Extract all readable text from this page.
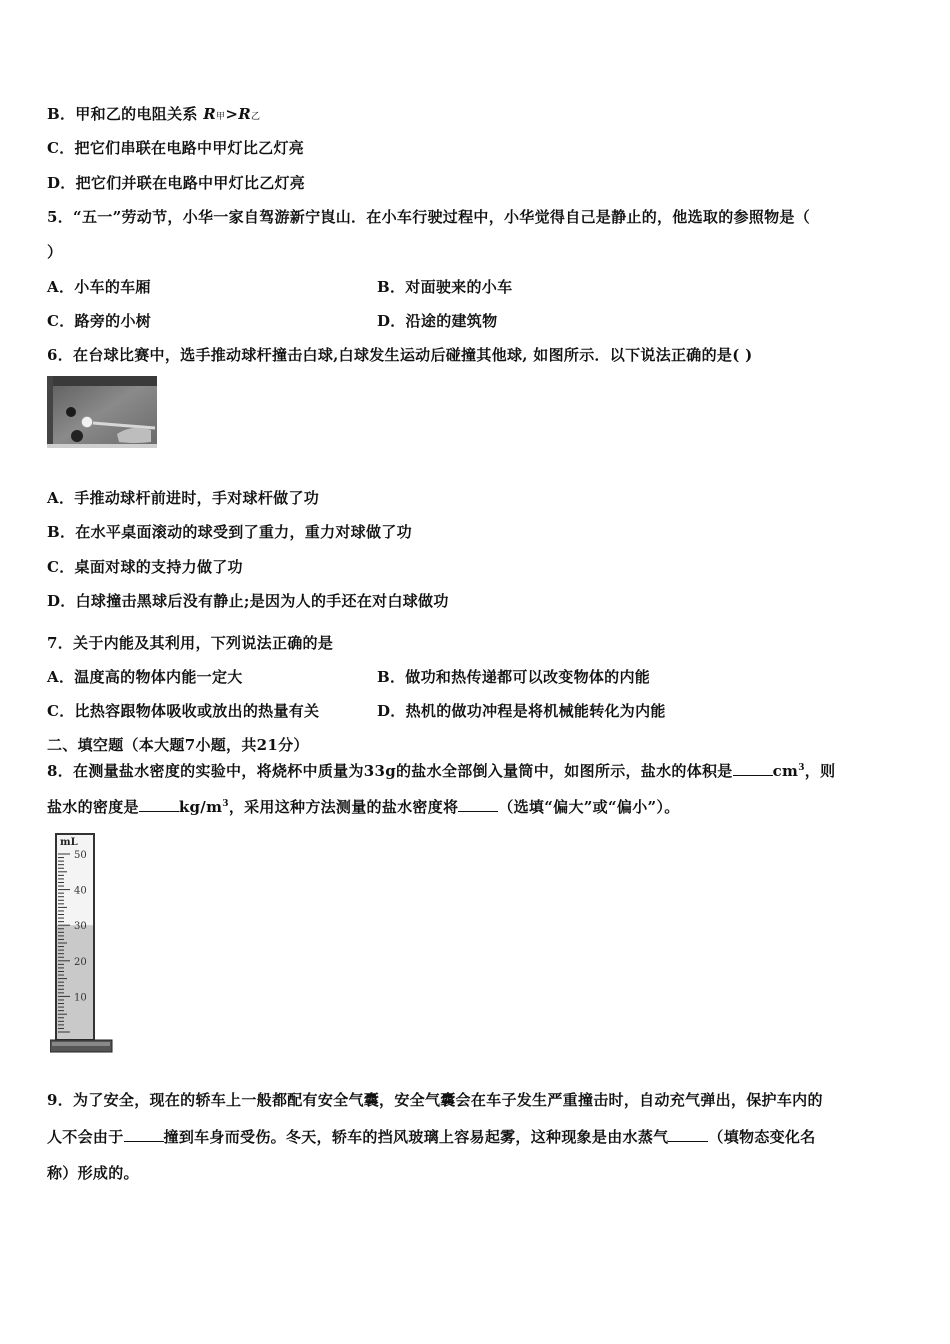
B．甲和乙的电阻关系 R甲>R乙
C．把它们串联在电路中甲灯比乙灯亮
D．把它们并联在电路中甲灯比乙灯亮
5．“五一”劳动节，小华一家自驾游新宁崀山．在小车行驶过程中，小华觉得自己是静止的，他选取的参照物是（
）
A．小车的车厢	B．对面驶来的小车
C．路旁的小树	D．沿途的建筑物
6．在台球比赛中，选手推动球杆撞击白球,白球发生运动后碰撞其他球, 如图所示．以下说法正确的是( )
A．手推动球杆前进时，手对球杆做了功
B．在水平桌面滚动的球受到了重力，重力对球做了功
C．桌面对球的支持力做了功
D．白球撞击黑球后没有静止;是因为人的手还在对白球做功
7．关于内能及其利用，下列说法正确的是
A．温度高的物体内能一定大	B．做功和热传递都可以改变物体的内能
C．比热容跟物体吸收或放出的热量有关	D．热机的做功冲程是将机械能转化为内能
二、填空题（本大题7小题，共21分）
8．在测量盐水密度的实验中，将烧杯中质量为33g的盐水全部倒入量筒中，如图所示，盐水的体积是	$cm^3$，则
盐水的密度是	$kg/m^3$，采用这种方法测量的盐水密度将	（选填“偏大”或“偏小”）。
50
40
30
20
10
mL
9．为了安全，现在的轿车上一般都配有安全气囊，安全气囊会在车子发生严重撞击时，自动充气弹出，保护车内的
人不会由于	撞到车身而受伤。冬天，轿车的挡风玻璃上容易起雾，这种现象是由水蒸气	（填物态变化名
称）形成的。
